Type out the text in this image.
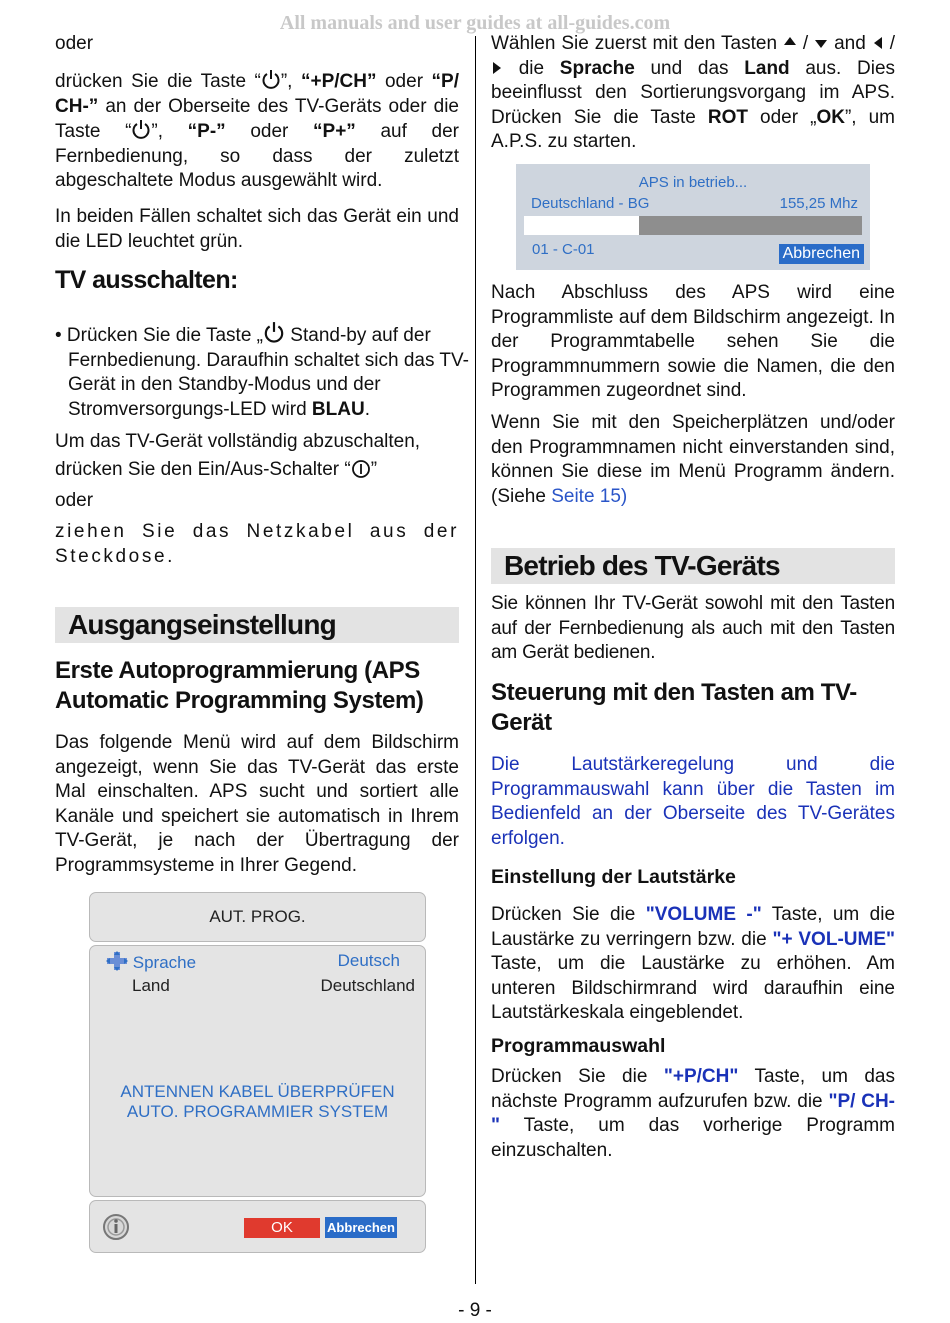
All manuals and user guides at all-guides.com

oder

drücken Sie die Taste “ ”, “+P/CH” oder “P/ CH-” an der Oberseite des TV-Geräts oder die Taste “ ”, “P-” oder “P+” auf der Fernbedienung, so dass der zuletzt abgeschaltete Modus ausgewählt wird.

In beiden Fällen schaltet sich das Gerät ein und die LED leuchtet grün.

TV ausschalten:

• Drücken Sie die Taste „ Stand-by auf der Fernbedienung. Daraufhin schaltet sich das TV-Gerät in den Standby-Modus und der Stromversorgungs-LED wird BLAU.

Um das TV-Gerät vollständig abzuschalten, drücken Sie den Ein/Aus-Schalter “ ”

oder

ziehen Sie das Netzkabel aus der Steckdose.

Ausgangseinstellung

Erste Autoprogrammierung (APS Automatic Programming System)

Das folgende Menü wird auf dem Bildschirm angezeigt, wenn Sie das TV-Gerät das erste Mal einschalten. APS sucht und sortiert alle Kanäle und speichert sie automatisch in Ihrem TV-Gerät, je nach der Übertragung der Programmsysteme in Ihrer Gegend.

AUT. PROG.
Sprache	Deutsch
Land	Deutschland
ANTENNEN KABEL ÜBERPRÜFEN
AUTO. PROGRAMMIER SYSTEM
OK	Abbrechen

Wählen Sie zuerst mit den Tasten  /  and  /  die Sprache und das Land aus. Dies beeinflusst den Sortierungsvorgang im APS. Drücken Sie die Taste ROT oder „OK”, um A.P.S. zu starten.

Nach Abschluss des APS wird eine Programmliste auf dem Bildschirm angezeigt. In der Programmtabelle sehen Sie die Programmnummern sowie die Namen, die den Programmen zugeordnet sind.

Wenn Sie mit den Speicherplätzen und/oder den Programmnamen nicht einverstanden sind, können Sie diese im Menü Programm ändern. (Siehe Seite 15)

Betrieb des TV-Geräts

Sie können Ihr TV-Gerät sowohl mit den Tasten auf der Fernbedienung als auch mit den Tasten am Gerät bedienen.

Steuerung mit den Tasten am TV-Gerät

Die Lautstärkeregelung und die Programmauswahl kann über die Tasten im Bedienfeld an der Oberseite des TV-Gerätes erfolgen.

Einstellung der Lautstärke

Drücken Sie die "VOLUME -" Taste, um die Laustärke zu verringern bzw. die "+ VOL-UME" Taste, um die Laustärke zu erhöhen. Am unteren Bildschirmrand wird daraufhin eine Lautstärkeskala eingeblendet.

Programmauswahl

Drücken Sie die "+P/CH" Taste, um das nächste Programm aufzurufen bzw. die "P/ CH-" Taste, um das vorherige Programm einzuschalten.

APS in betrieb...
Deutschland - BG	155,25 Mhz
01 - C-01	Abbrechen
- 9 -
